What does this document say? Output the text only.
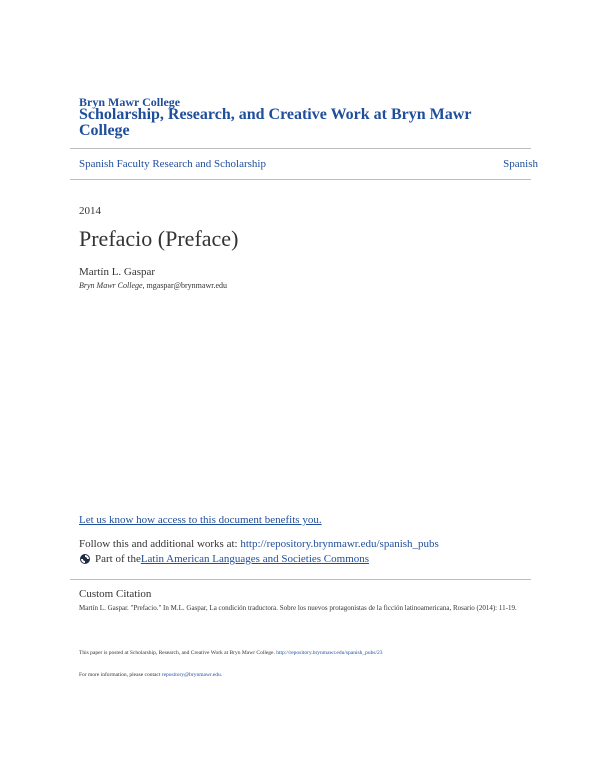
Bryn Mawr College
Scholarship, Research, and Creative Work at Bryn Mawr College
Spanish Faculty Research and Scholarship	Spanish
2014
Prefacio (Preface)
Martín L. Gaspar
Bryn Mawr College, mgaspar@brynmawr.edu
Let us know how access to this document benefits you.
Follow this and additional works at: http://repository.brynmawr.edu/spanish_pubs
Part of the Latin American Languages and Societies Commons
Custom Citation
Martín L. Gaspar. "Prefacio." In M.L. Gaspar, La condición traductora. Sobre los nuevos protagonistas de la ficción latinoamericana, Rosario (2014): 11-19.
This paper is posted at Scholarship, Research, and Creative Work at Bryn Mawr College. http://repository.brynmawr.edu/spanish_pubs/23
For more information, please contact repository@brynmawr.edu.
